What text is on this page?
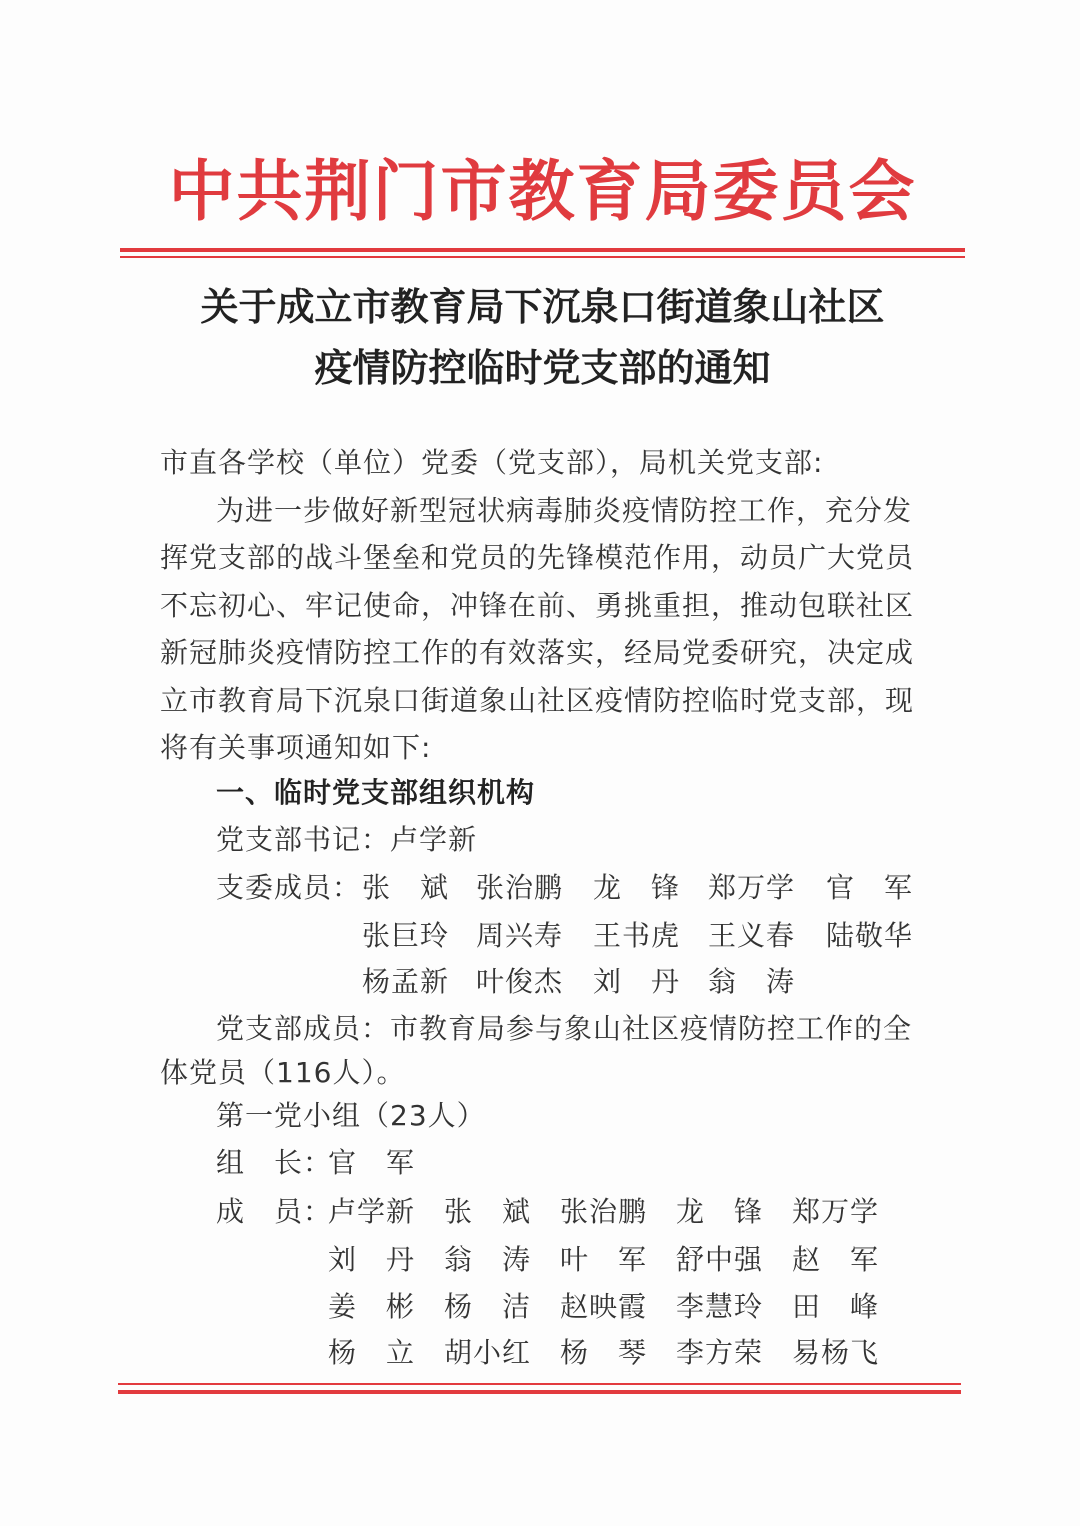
中共荆门市教育局委员会
关于成立市教育局下沉泉口街道象山社区
疫情防控临时党支部的通知
市直各学校（单位）党委（党支部），局机关党支部:
为进一步做好新型冠状病毒肺炎疫情防控工作，充分发
挥党支部的战斗堡垒和党员的先锋模范作用，动员广大党员
不忘初心、牢记使命，冲锋在前、勇挑重担，推动包联社区
新冠肺炎疫情防控工作的有效落实，经局党委研究，决定成
立市教育局下沉泉口街道象山社区疫情防控临时党支部，现
将有关事项通知如下:
一、临时党支部组织机构
党支部书记：卢学新
支委成员： 张　斌 张治鹏 龙　锋 郑万学 官　军
张巨玲 周兴寿 王书虎 王义春 陆敬华
杨孟新 叶俊杰 刘　丹 翁　涛
党支部成员：市教育局参与象山社区疫情防控工作的全
体党员（116人）。
第一党小组（23人）
组　长：
官　军
成　员：
卢学新 张　斌 张治鹏 龙　锋 郑万学
刘　丹 翁　涛 叶　军 舒中强 赵　军
姜　彬 杨　洁 赵映霞 李慧玲 田　峰
杨　立 胡小红 杨　琴 李方荣 易杨飞
